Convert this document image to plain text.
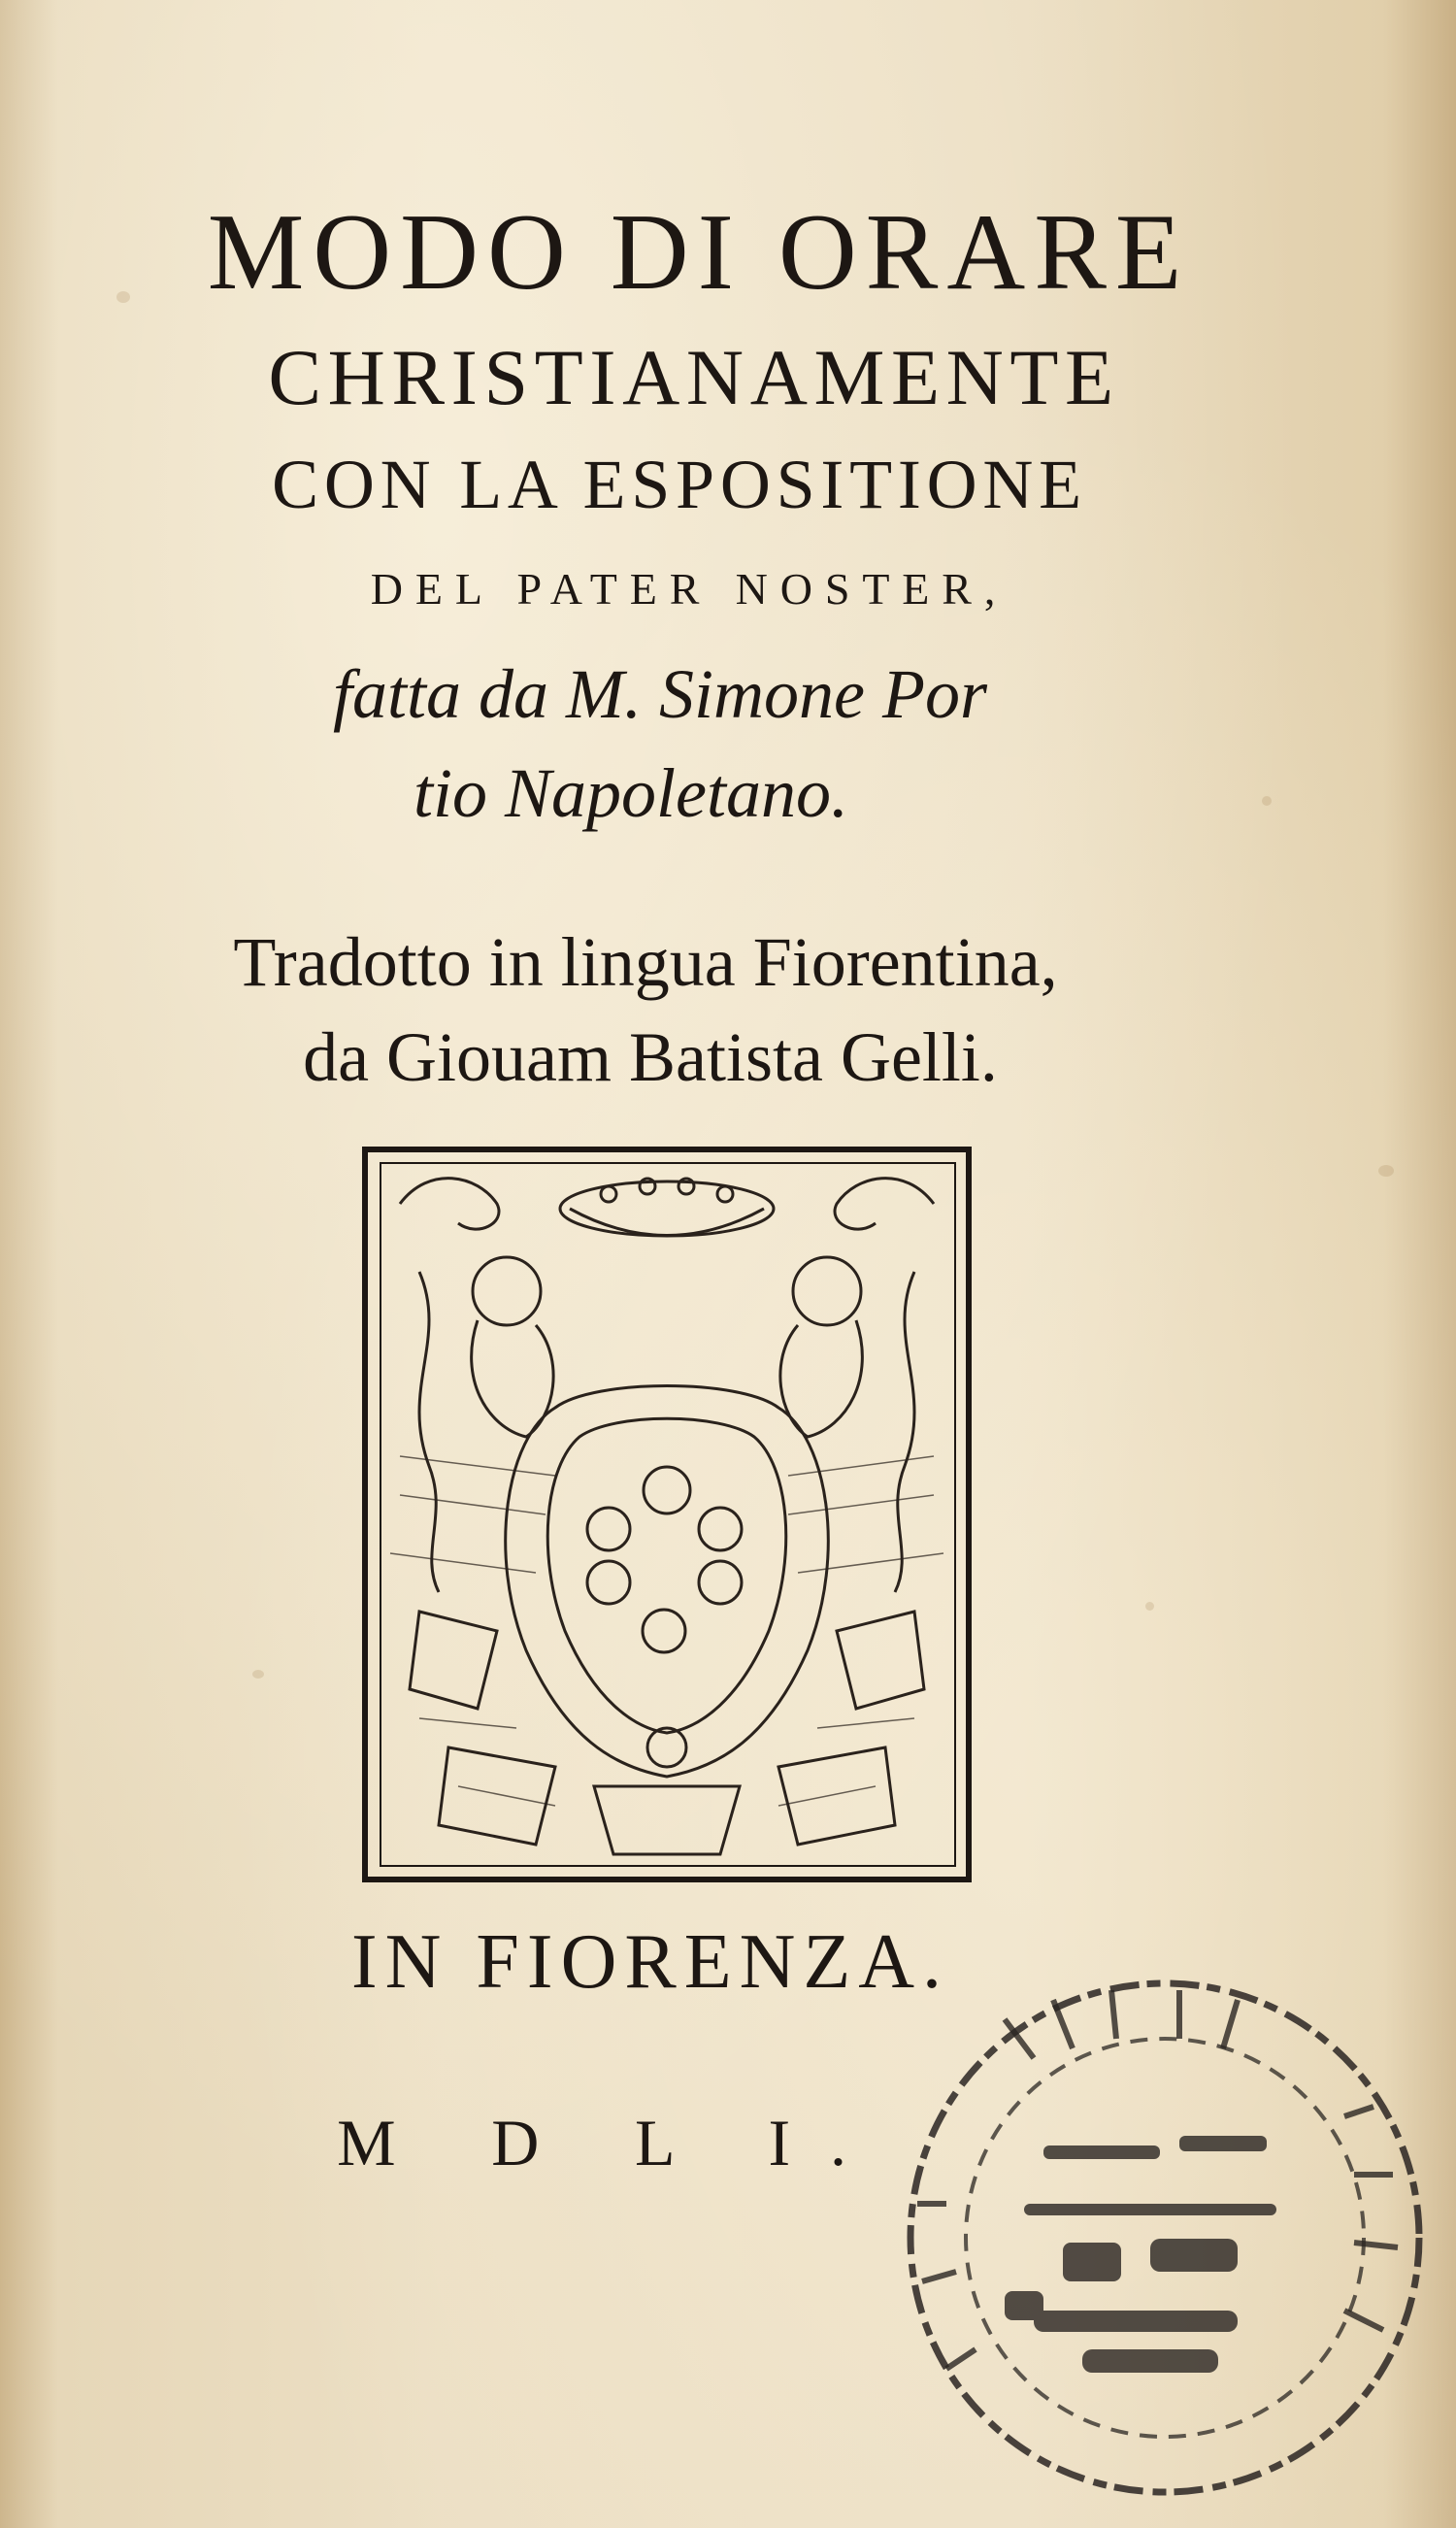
MODO DI ORARE
CHRISTIANAMENTE
CON LA ESPOSITIONE
DEL PATER NOSTER,
fatta da M. Simone Por
tio Napoletano.
Tradotto in lingua Fiorentina,
da Giouam Batista Gelli.
IN FIORENZA.
M D L I.
